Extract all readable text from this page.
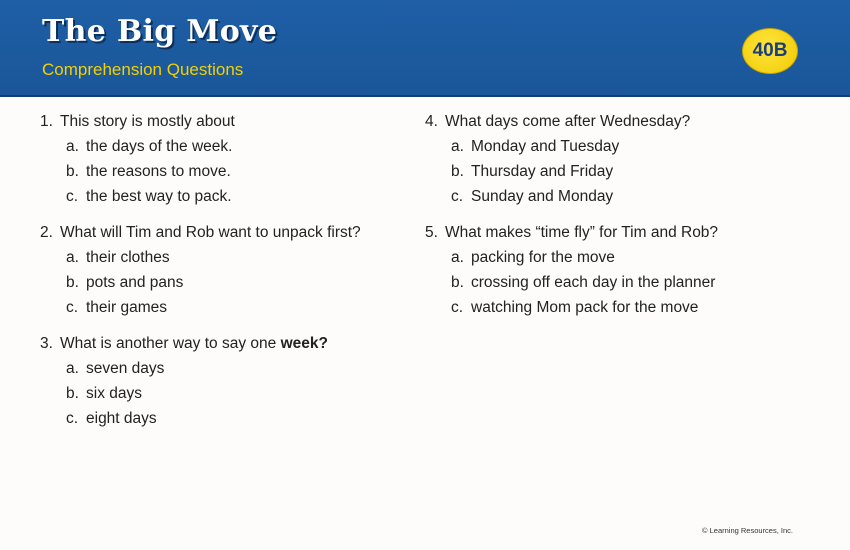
The Big Move
Comprehension Questions
40B
1. This story is mostly about
a. the days of the week.
b. the reasons to move.
c. the best way to pack.
2. What will Tim and Rob want to unpack first?
a. their clothes
b. pots and pans
c. their games
3. What is another way to say one week?
a. seven days
b. six days
c. eight days
4. What days come after Wednesday?
a. Monday and Tuesday
b. Thursday and Friday
c. Sunday and Monday
5. What makes “time fly” for Tim and Rob?
a. packing for the move
b. crossing off each day in the planner
c. watching Mom pack for the move
© Learning Resources, Inc.
